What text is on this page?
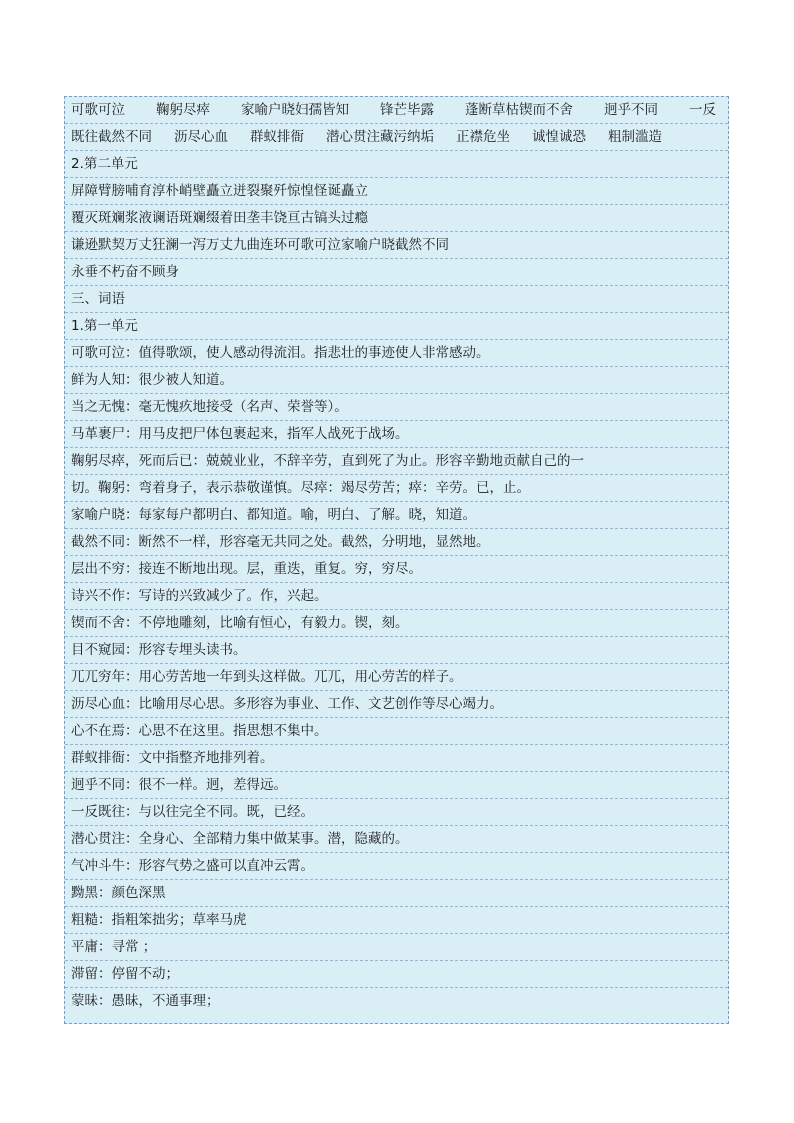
可歌可泣 鞠躬尽瘁 家喻户晓妇孺皆知 锋芒毕露 蓬断草枯锲而不舍 迥乎不同 一反
既往截然不同 沥尽心血 群蚁排衙 潜心贯注藏污纳垢 正襟危坐 诚惶诚恐 粗制滥造
2.第二单元
屏障臂膀哺育淳朴峭壁矗立迸裂聚歼惊惶怪诞矗立
覆灭斑斓浆液谰语斑斓缀着田垄丰饶亘古镐头过瘾
谦逊默契万丈狂澜一泻万丈九曲连环可歌可泣家喻户晓截然不同
永垂不朽奋不顾身
三、词语
1.第一单元
可歌可泣：值得歌颂，使人感动得流泪。指悲壮的事迹使人非常感动。
鲜为人知：很少被人知道。
当之无愧：毫无愧疚地接受（名声、荣誉等）。
马革裹尸：用马皮把尸体包裹起来，指军人战死于战场。
鞠躬尽瘁，死而后已：兢兢业业，不辞辛劳，直到死了为止。形容辛勤地贡献自己的一
切。鞠躬：弯着身子，表示恭敬谨慎。尽瘁：竭尽劳苦；瘁：辛劳。已，止。
家喻户晓：每家每户都明白、都知道。喻，明白、了解。晓，知道。
截然不同：断然不一样，形容毫无共同之处。截然，分明地，显然地。
层出不穷：接连不断地出现。层，重迭，重复。穷，穷尽。
诗兴不作：写诗的兴致减少了。作，兴起。
锲而不舍：不停地雕刻，比喻有恒心，有毅力。锲，刻。
目不窥园：形容专埋头读书。
兀兀穷年：用心劳苦地一年到头这样做。兀兀，用心劳苦的样子。
沥尽心血：比喻用尽心思。多形容为事业、工作、文艺创作等尽心竭力。
心不在焉：心思不在这里。指思想不集中。
群蚁排衙：文中指整齐地排列着。
迥乎不同：很不一样。迥，差得远。
一反既往：与以往完全不同。既，已经。
潜心贯注：全身心、全部精力集中做某事。潜，隐藏的。
气冲斗牛：形容气势之盛可以直冲云霄。
黝黑：颜色深黑
粗糙：指粗笨拙劣；草率马虎
平庸：寻常 ；
滞留：停留不动；
蒙昧：愚昧，不通事理；
